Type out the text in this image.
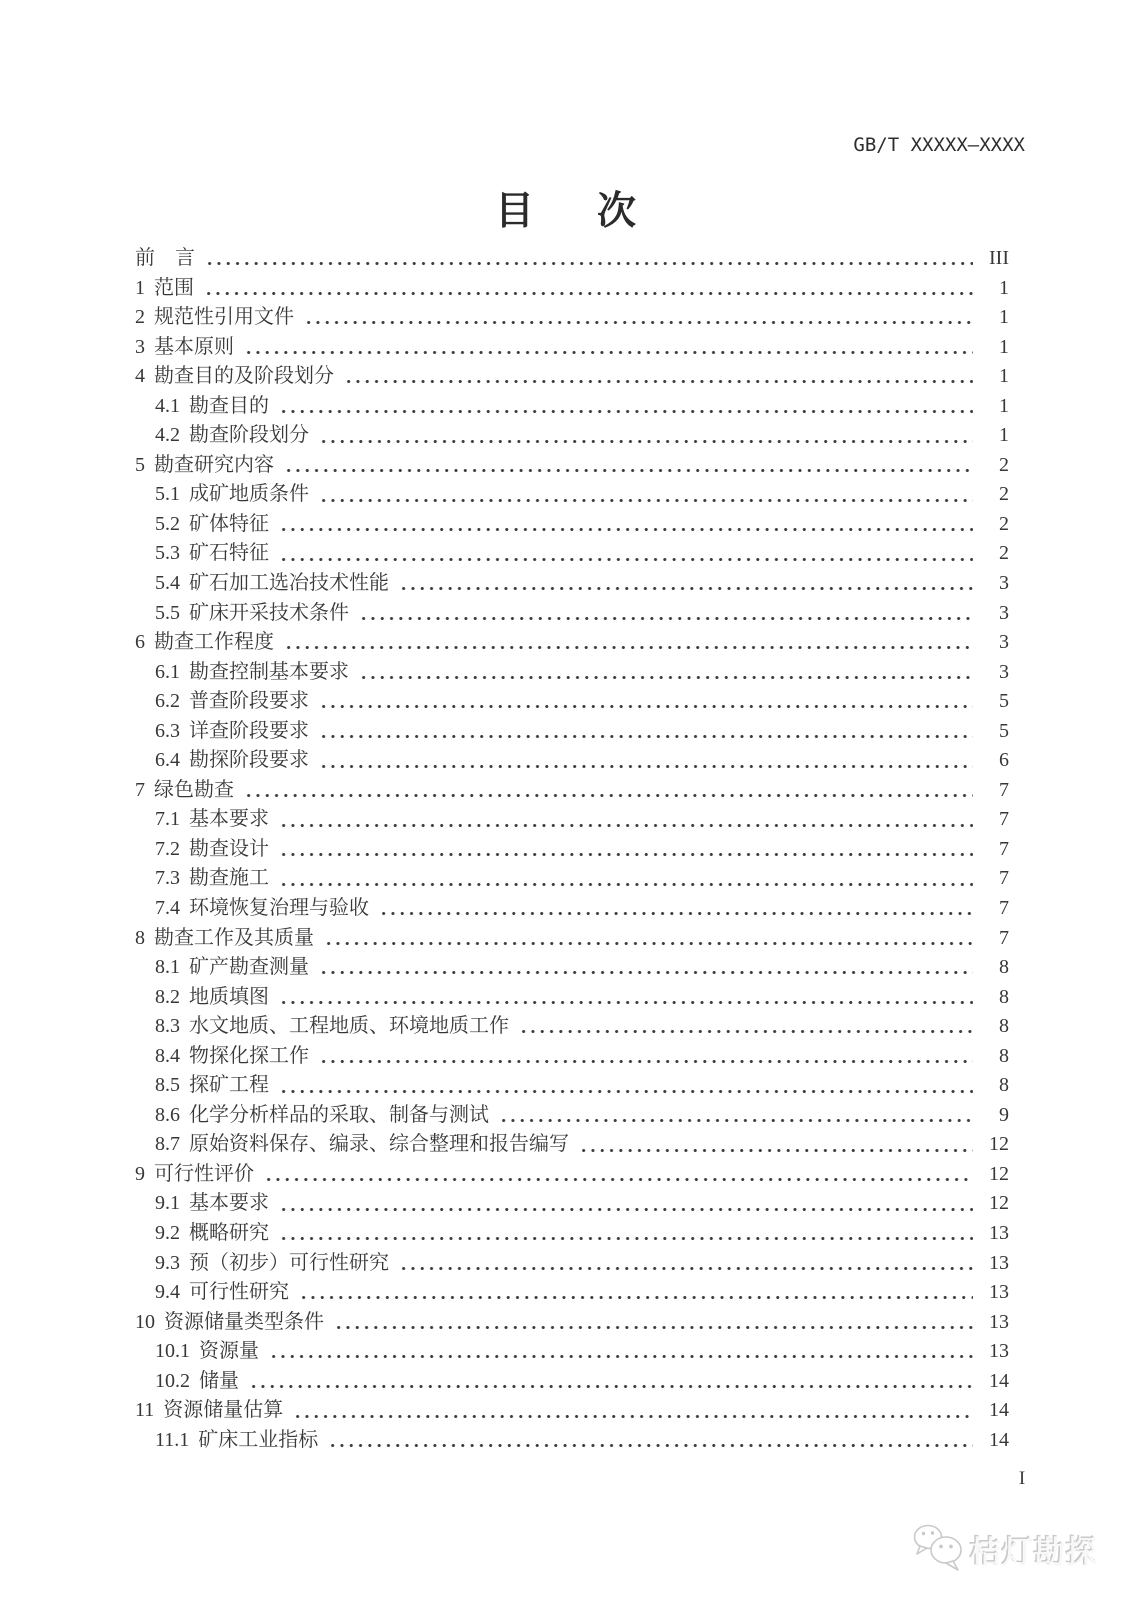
GB/T XXXXX—XXXX
目　次
前　言	III
1 范围	1
2 规范性引用文件	1
3 基本原则	1
4 勘查目的及阶段划分	1
4.1 勘查目的	1
4.2 勘查阶段划分	1
5 勘查研究内容	2
5.1 成矿地质条件	2
5.2 矿体特征	2
5.3 矿石特征	2
5.4 矿石加工选冶技术性能	3
5.5 矿床开采技术条件	3
6 勘查工作程度	3
6.1 勘查控制基本要求	3
6.2 普查阶段要求	5
6.3 详查阶段要求	5
6.4 勘探阶段要求	6
7 绿色勘查	7
7.1 基本要求	7
7.2 勘查设计	7
7.3 勘查施工	7
7.4 环境恢复治理与验收	7
8 勘查工作及其质量	7
8.1 矿产勘查测量	8
8.2 地质填图	8
8.3 水文地质、工程地质、环境地质工作	8
8.4 物探化探工作	8
8.5 探矿工程	8
8.6 化学分析样品的采取、制备与测试	9
8.7 原始资料保存、编录、综合整理和报告编写	12
9 可行性评价	12
9.1 基本要求	12
9.2 概略研究	13
9.3 预（初步）可行性研究	13
9.4 可行性研究	13
10 资源储量类型条件	13
10.1 资源量	13
10.2 储量	14
11 资源储量估算	14
11.1 矿床工业指标	14
I
桔灯勘探
